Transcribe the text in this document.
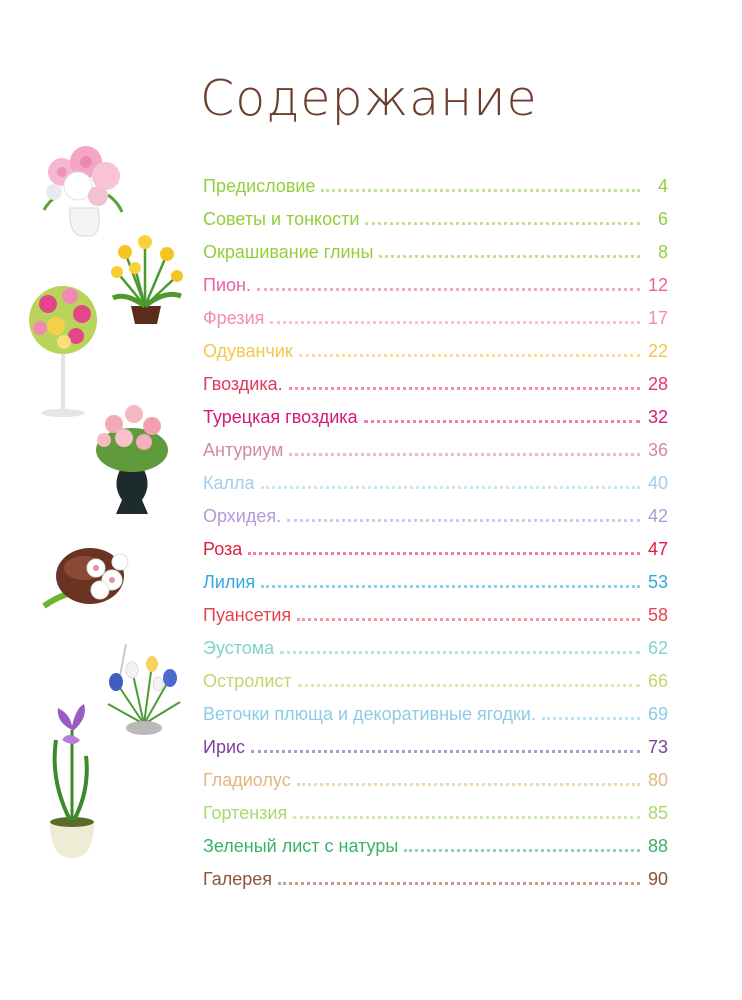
Содержание
Предисловие	4
Советы и тонкости	6
Окрашивание глины	8
Пион.	12
Фрезия	17
Одуванчик	22
Гвоздика.	28
Турецкая гвоздика	32
Антуриум	36
Калла	40
Орхидея.	42
Роза	47
Лилия	53
Пуансетия	58
Эустома	62
Остролист	66
Веточки плюща и декоративные ягодки.	69
Ирис	73
Гладиолус	80
Гортензия	85
Зеленый лист с натуры	88
Галерея	90
